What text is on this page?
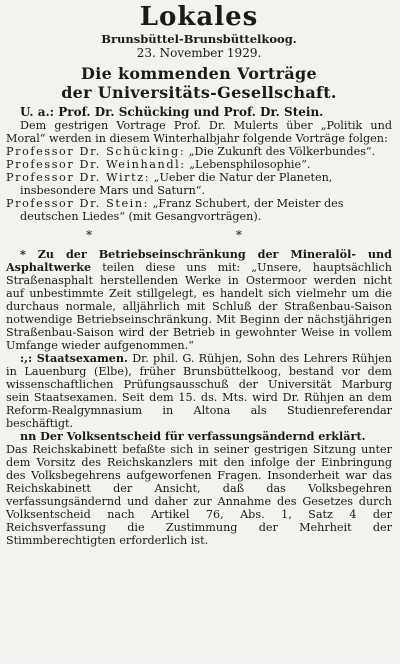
Lokales
Brunsbüttel-Brunsbüttelkoog.
23. November 1929.
Die kommenden Vorträge
der Universitäts-Gesellschaft.
U. a.: Prof. Dr. Schücking und Prof. Dr. Stein.

Dem gestrigen Vortrage Prof. Dr. Mulerts über „Politik und Moral“ werden in diesem Winterhalbjahr folgende Vorträge folgen:

Professor Dr. Schücking: „Die Zukunft des Völkerbundes“.
Professor Dr. Weinhandl: „Lebensphilosophie“.
Professor Dr. Wirtz: „Ueber die Natur der Planeten, insbesondere Mars und Saturn“.
Professor Dr. Stein: „Franz Schubert, der Meister des deutschen Liedes“ (mit Gesangvorträgen).
* *

* Zu der Betriebseinschränkung der Mineralöl- und Asphaltwerke teilen diese uns mit: „Unsere, hauptsächlich Straßenasphalt herstellenden Werke in Ostermoor werden nicht auf unbestimmte Zeit stillgelegt, es handelt sich vielmehr um die durchaus normale, alljährlich mit Schluß der Straßenbau-Saison notwendige Betriebseinschränkung. Mit Beginn der nächstjährigen Straßenbau-Saison wird der Betrieb in gewohnter Weise in vollem Umfange wieder aufgenommen.“

:,: Staatsexamen. Dr. phil. G. Rühjen, Sohn des Lehrers Rühjen in Lauenburg (Elbe), früher Brunsbüttelkoog, bestand vor dem wissenschaftlichen Prüfungsausschuß der Universität Marburg sein Staatsexamen. Seit dem 15. ds. Mts. wird Dr. Rühjen an dem Reform-Realgymnasium in Altona als Studienreferendar beschäftigt.

nn Der Volksentscheid für verfassungsändernd erklärt.

Das Reichskabinett befaßte sich in seiner gestrigen Sitzung unter dem Vorsitz des Reichskanzlers mit den infolge der Einbringung des Volksbegehrens aufgeworfenen Fragen. Insonderheit war das Reichskabinett der Ansicht, daß das Volksbegehren verfassungsändernd und daher zur Annahme des Gesetzes durch Volksentscheid nach Artikel 76, Abs. 1, Satz 4 der Reichsverfassung die Zustimmung der Mehrheit der Stimmberechtigten erforderlich ist.
